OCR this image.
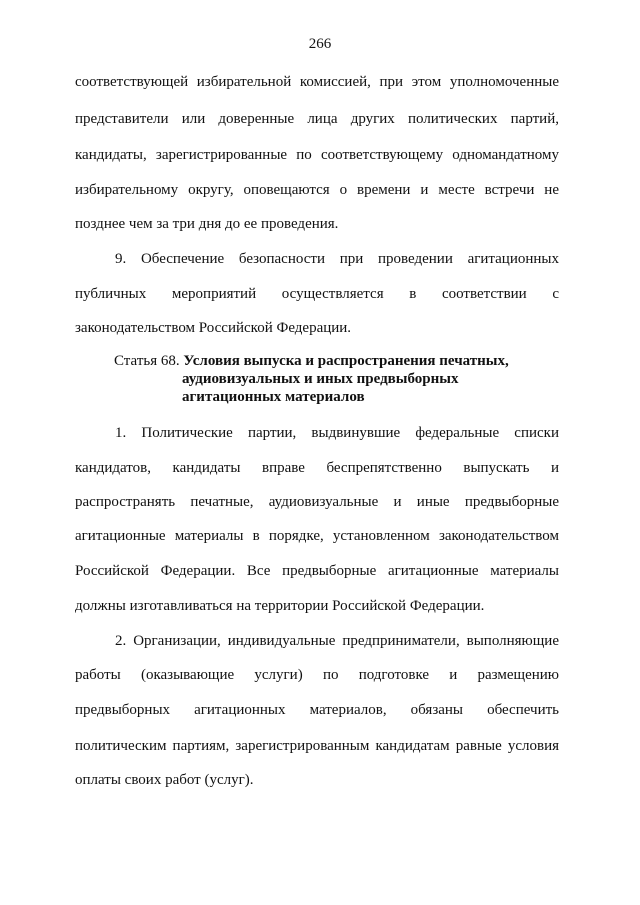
266
соответствующей избирательной комиссией, при этом уполномоченные
представители или доверенные лица других политических партий,
кандидаты, зарегистрированные по соответствующему одномандатному
избирательному округу, оповещаются о времени и месте встречи не
позднее чем за три дня до ее проведения.
9. Обеспечение безопасности при проведении агитационных
публичных мероприятий осуществляется в соответствии с
законодательством Российской Федерации.
Статья 68. Условия выпуска и распространения печатных,
аудиовизуальных и иных предвыборных
агитационных материалов
1. Политические партии, выдвинувшие федеральные списки
кандидатов, кандидаты вправе беспрепятственно выпускать и
распространять печатные, аудиовизуальные и иные предвыборные
агитационные материалы в порядке, установленном законодательством
Российской Федерации. Все предвыборные агитационные материалы
должны изготавливаться на территории Российской Федерации.
2. Организации, индивидуальные предприниматели, выполняющие
работы (оказывающие услуги) по подготовке и размещению
предвыборных агитационных материалов, обязаны обеспечить
политическим партиям, зарегистрированным кандидатам равные условия
оплаты своих работ (услуг).
